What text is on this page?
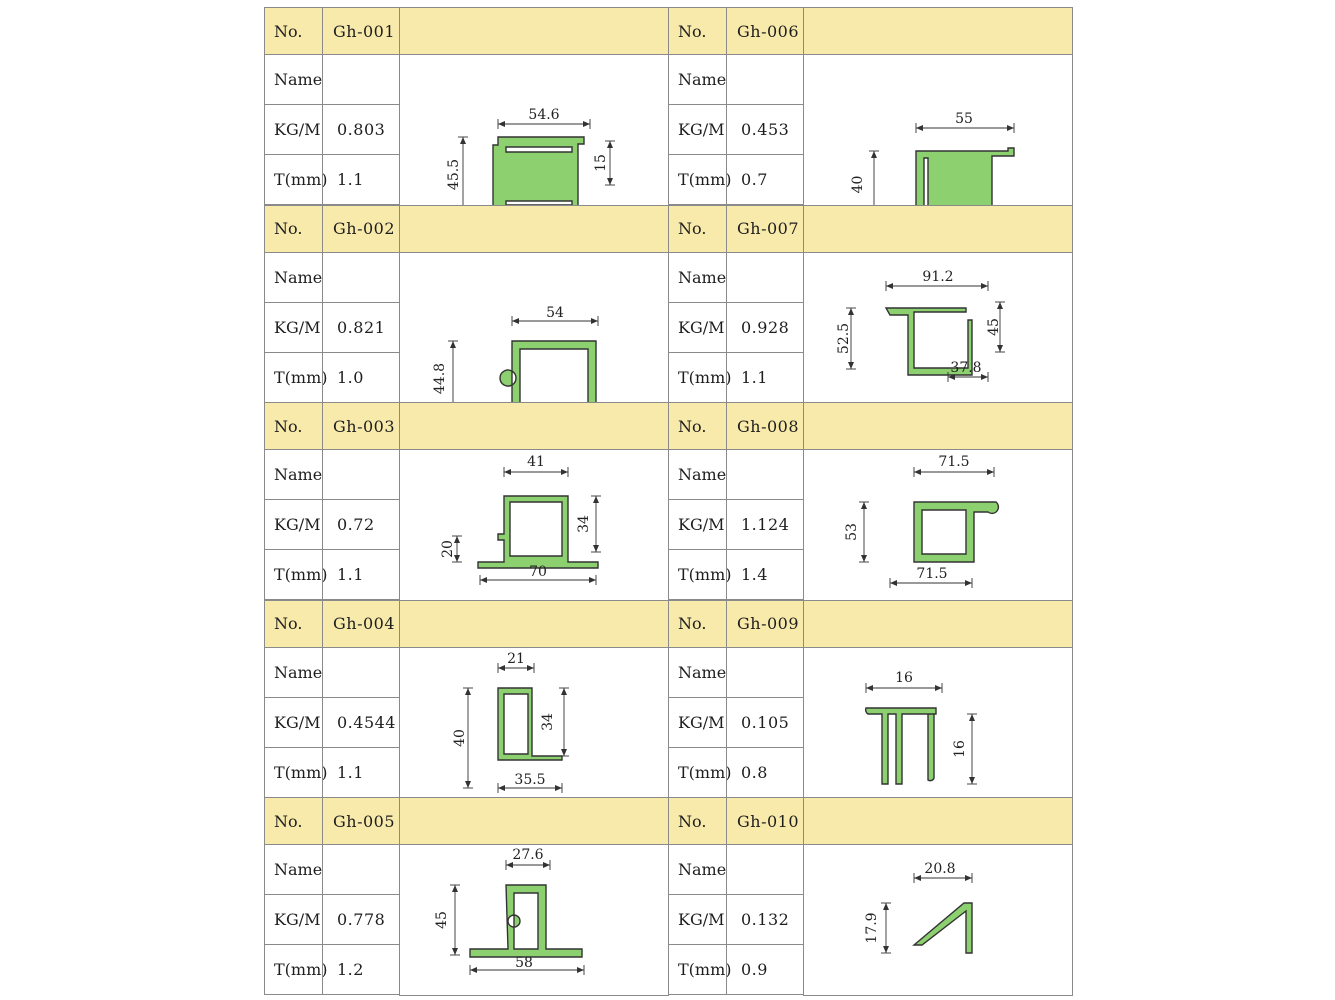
No.	Gh-001
Name
KG/M	0.803
T(mm) 1.1
54.6
45.5	15
No.	Gh-006
Name
KG/M	0.453
T(mm) 0.7
55
40
No.	Gh-002
Name
KG/M	0.821
T(mm) 1.0
54
44.8
No.	Gh-007
Name
KG/M	0.928
T(mm) 1.1
91.2
52.5	45
37.8
No.	Gh-003
Name
KG/M	0.72
T(mm) 1.1
41
34
20
70
No.	Gh-008
Name
KG/M	1.124
T(mm) 1.4
71.5
53
71.5
No.	Gh-004
Name
KG/M	0.4544
T(mm) 1.1
21
40
34
35.5
No.	Gh-009
Name
KG/M	0.105
T(mm) 0.8
16
16
No.	Gh-005
Name
KG/M	0.778
T(mm) 1.2
27.6
45
58
No.	Gh-010
Name
KG/M	0.132
T(mm) 0.9
20.8
17.9
